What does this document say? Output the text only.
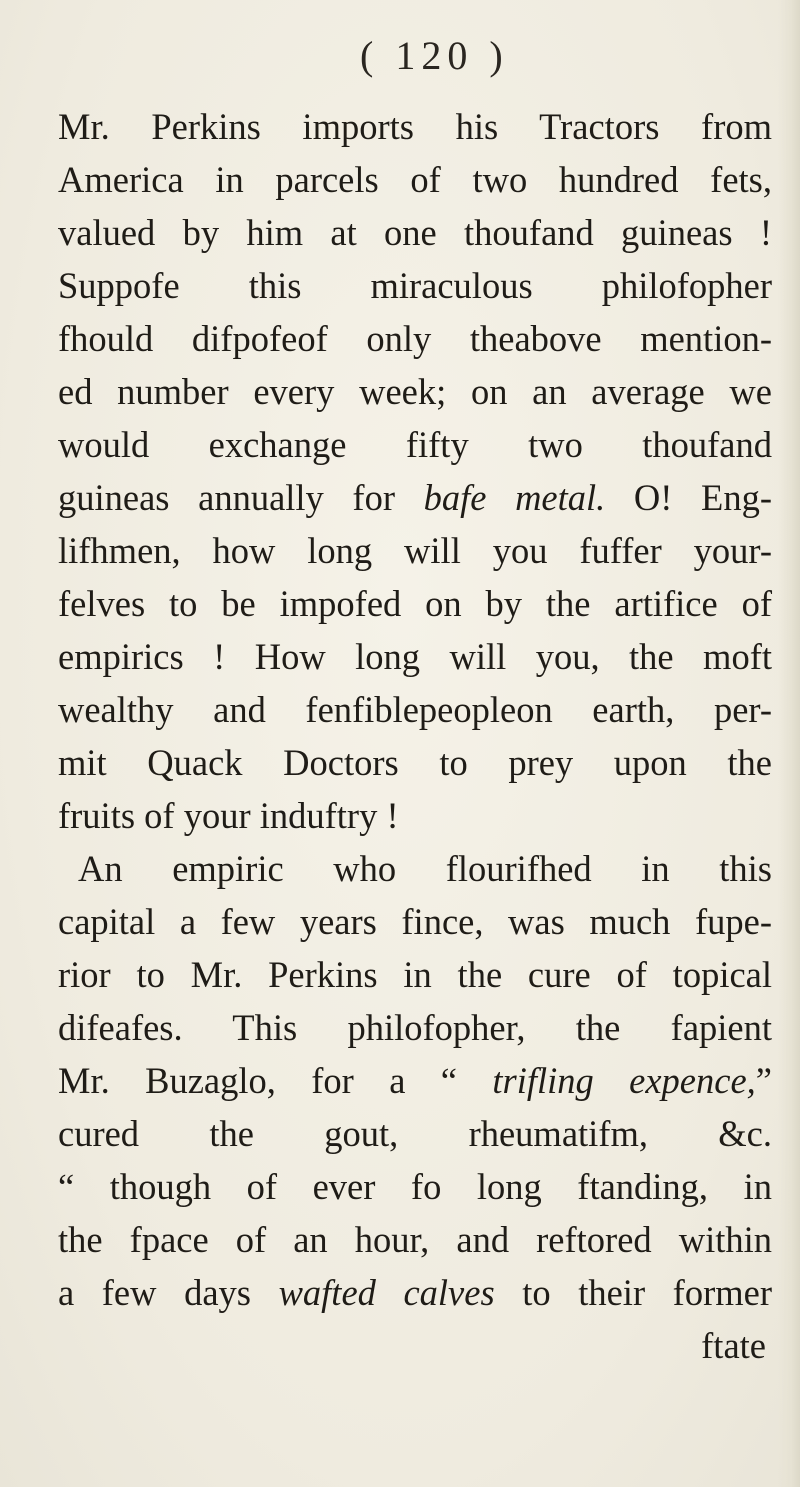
( 120 )
Mr. Perkins imports his Tractors from
America in parcels of two hundred fets,
valued by him at one thoufand guineas !
Suppofe this miraculous philofopher
fhould difpofeof only theabove mention-
ed number every week; on an average we
would exchange fifty two thoufand
guineas annually for bafe metal. O! Eng-
lifhmen, how long will you fuffer your-
felves to be impofed on by the artifice of
empirics ! How long will you, the moft
wealthy and fenfiblepeopleon earth, per-
mit Quack Doctors to prey upon the
fruits of your induftry !
An empiric who flourifhed in this
capital a few years fince, was much fupe-
rior to Mr. Perkins in the cure of topical
difeafes. This philofopher, the fapient
Mr. Buzaglo, for a “ trifling expence,”
cured the gout, rheumatifm, &c.
“ though of ever fo long ftanding, in
the fpace of an hour, and reftored within
a few days wafted calves to their former
ftate
